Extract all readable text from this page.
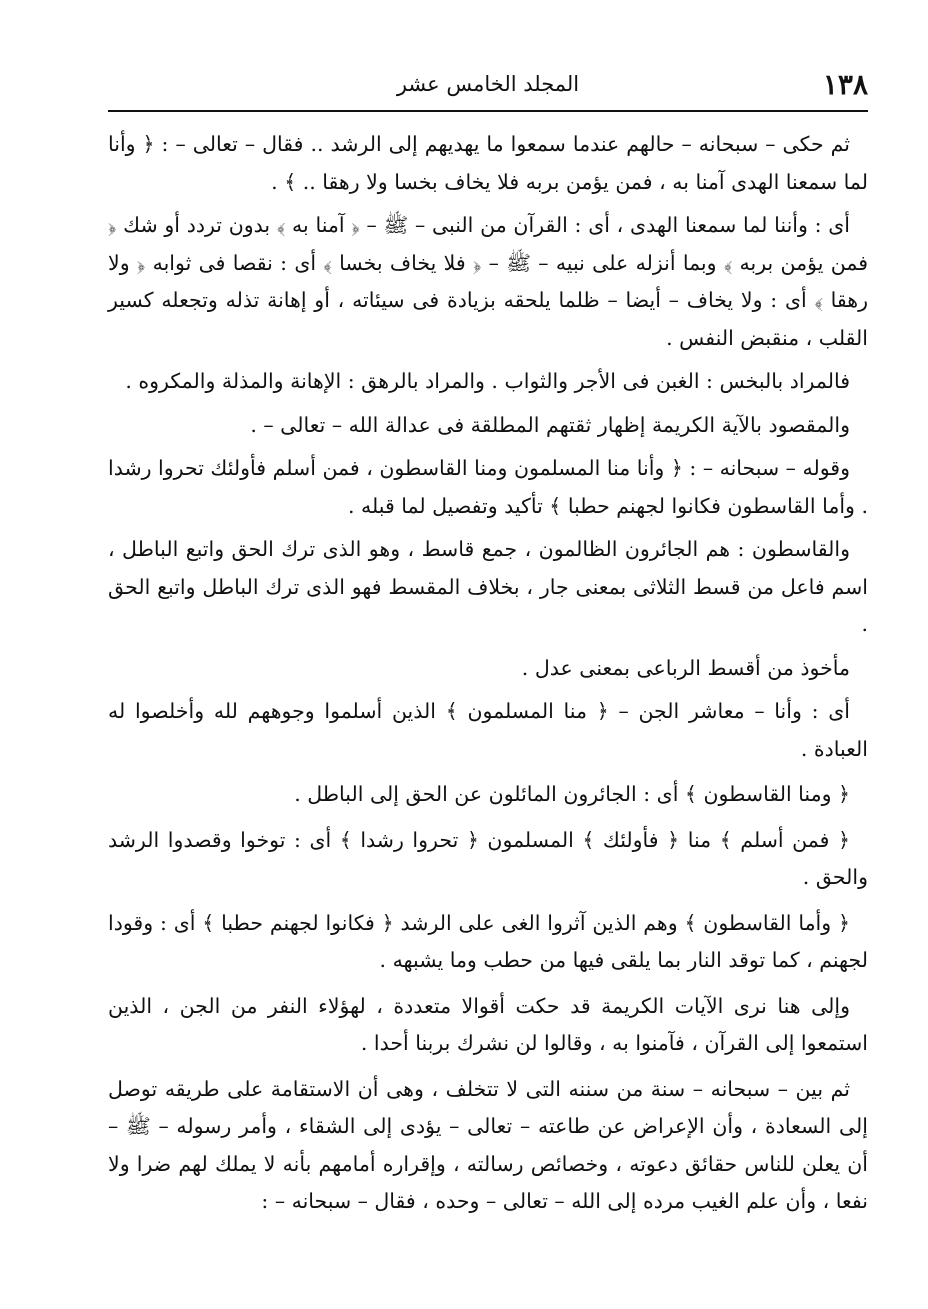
١٣٨
المجلد الخامس عشر

ثم حكى – سبحانه – حالهم عندما سمعوا ما يهديهم إلى الرشد .. فقال – تعالى – : ﴿ وأنا لما سمعنا الهدى آمنا به ، فمن يؤمن بربه فلا يخاف بخسا ولا رهقا .. ﴾ .

أى : وأننا لما سمعنا الهدى ، أى : القرآن من النبى – ﷺ – ﴿ آمنا به ﴾ بدون تردد أو شك ﴿ فمن يؤمن بربه ﴾ وبما أنزله على نبيه – ﷺ – ﴿ فلا يخاف بخسا ﴾ أى : نقصا فى ثوابه ﴿ ولا رهقا ﴾ أى : ولا يخاف – أيضا – ظلما يلحقه بزيادة فى سيئاته ، أو إهانة تذله وتجعله كسير القلب ، منقبض النفس .

فالمراد بالبخس : الغبن فى الأجر والثواب . والمراد بالرهق : الإهانة والمذلة والمكروه .

والمقصود بالآية الكريمة إظهار ثقتهم المطلقة فى عدالة الله – تعالى – .

وقوله – سبحانه – : ﴿ وأنا منا المسلمون ومنا القاسطون ، فمن أسلم فأولئك تحروا رشدا . وأما القاسطون فكانوا لجهنم حطبا ﴾ تأكيد وتفصيل لما قبله .

والقاسطون : هم الجائرون الظالمون ، جمع قاسط ، وهو الذى ترك الحق واتبع الباطل ، اسم فاعل من قسط الثلاثى بمعنى جار ، بخلاف المقسط فهو الذى ترك الباطل واتبع الحق .

مأخوذ من أقسط الرباعى بمعنى عدل .

أى : وأنا – معاشر الجن – ﴿ منا المسلمون ﴾ الذين أسلموا وجوههم لله وأخلصوا له العبادة .

﴿ ومنا القاسطون ﴾ أى : الجائرون المائلون عن الحق إلى الباطل .

﴿ فمن أسلم ﴾ منا ﴿ فأولئك ﴾ المسلمون ﴿ تحروا رشدا ﴾ أى : توخوا وقصدوا الرشد والحق .

﴿ وأما القاسطون ﴾ وهم الذين آثروا الغى على الرشد ﴿ فكانوا لجهنم حطبا ﴾ أى : وقودا لجهنم ، كما توقد النار بما يلقى فيها من حطب وما يشبهه .

وإلى هنا نرى الآيات الكريمة قد حكت أقوالا متعددة ، لهؤلاء النفر من الجن ، الذين استمعوا إلى القرآن ، فآمنوا به ، وقالوا لن نشرك بربنا أحدا .

ثم بين – سبحانه – سنة من سننه التى لا تتخلف ، وهى أن الاستقامة على طريقه توصل إلى السعادة ، وأن الإعراض عن طاعته – تعالى – يؤدى إلى الشقاء ، وأمر رسوله – ﷺ – أن يعلن للناس حقائق دعوته ، وخصائص رسالته ، وإقراره أمامهم بأنه لا يملك لهم ضرا ولا نفعا ، وأن علم الغيب مرده إلى الله – تعالى – وحده ، فقال – سبحانه – :
